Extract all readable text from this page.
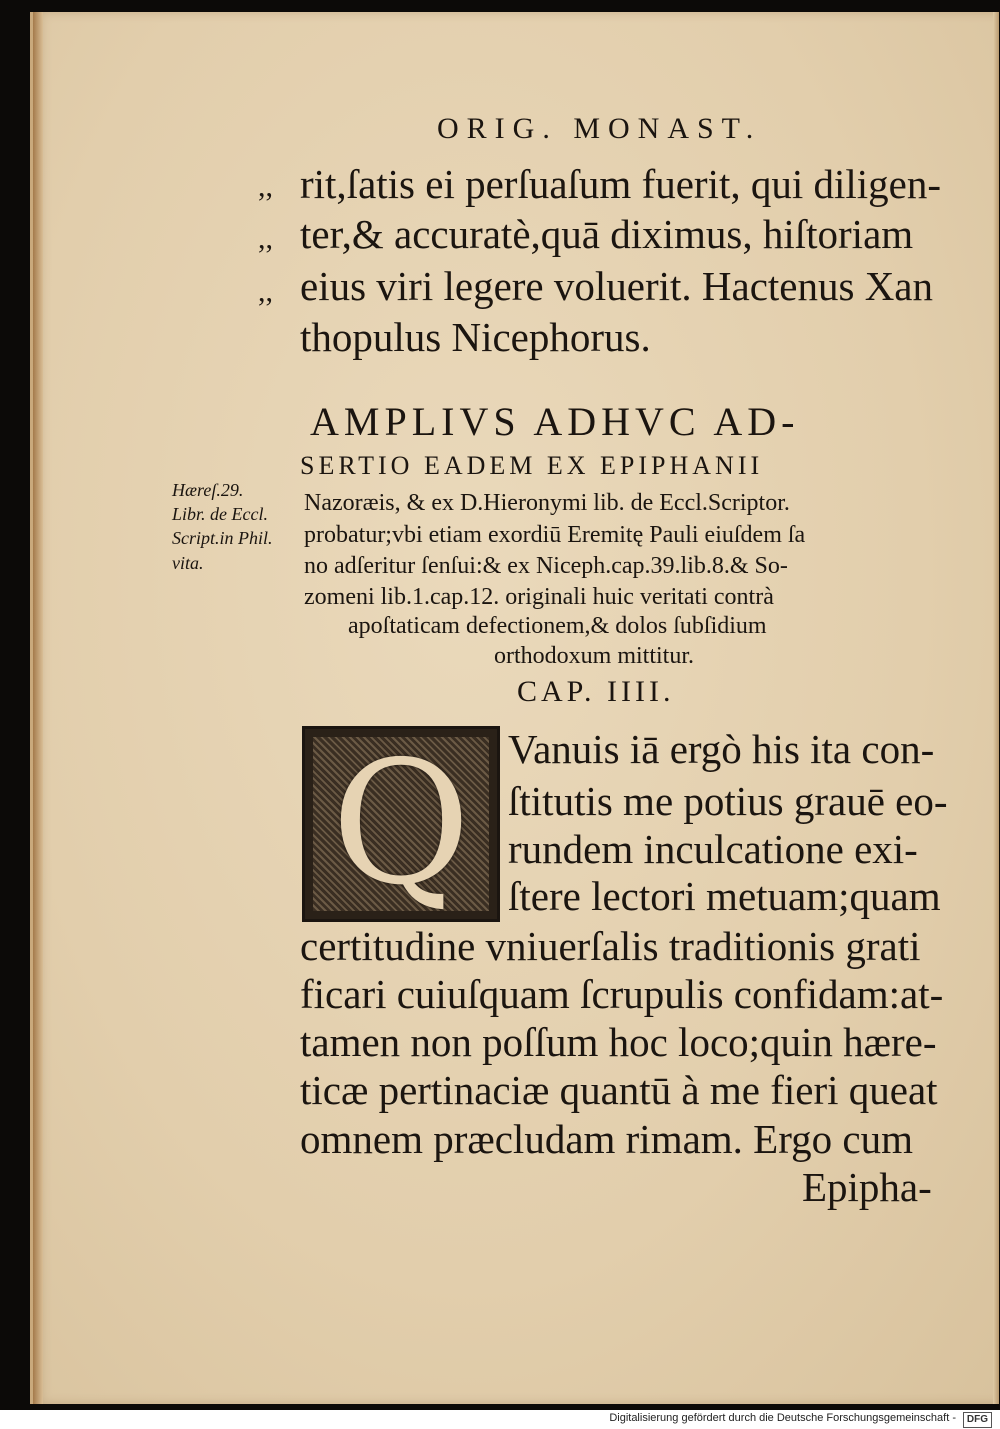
ORIG. MONAST.
,,
,,
,,
rit,ſatis ei perſuaſum fuerit, qui diligen-
ter,& accuratè,quā diximus, hiſtoriam
eius viri legere voluerit. Hactenus Xan
thopulus Nicephorus.
AMPLIVS ADHVC AD-
SERTIO EADEM EX EPIPHANII
Nazoræis, & ex D.Hieronymi lib. de Eccl.Scriptor.
probatur;vbi etiam exordiū Eremitę Pauli eiuſdem ſa
no adſeritur ſenſui:& ex Niceph.cap.39.lib.8.& So-
zomeni lib.1.cap.12. originali huic veritati contrà
apoſtaticam defectionem,& dolos ſubſidium
orthodoxum mittitur.
Hæreſ.29.
Libr. de Eccl.
Script.in Phil.
vita.
CAP. IIII.
Q Vanuis iā ergò his ita con-
ſtitutis me potius grauē eo-
rundem inculcatione exi-
ſtere lectori metuam;quam
certitudine vniuerſalis traditionis grati
ficari cuiuſquam ſcrupulis confidam:at-
tamen non poſſum hoc loco;quin hære-
ticæ pertinaciæ quantū à me fieri queat
omnem præcludam rimam. Ergo cum
Epipha-
Digitalisierung gefördert durch die Deutsche Forschungsgemeinschaft -	DFG
